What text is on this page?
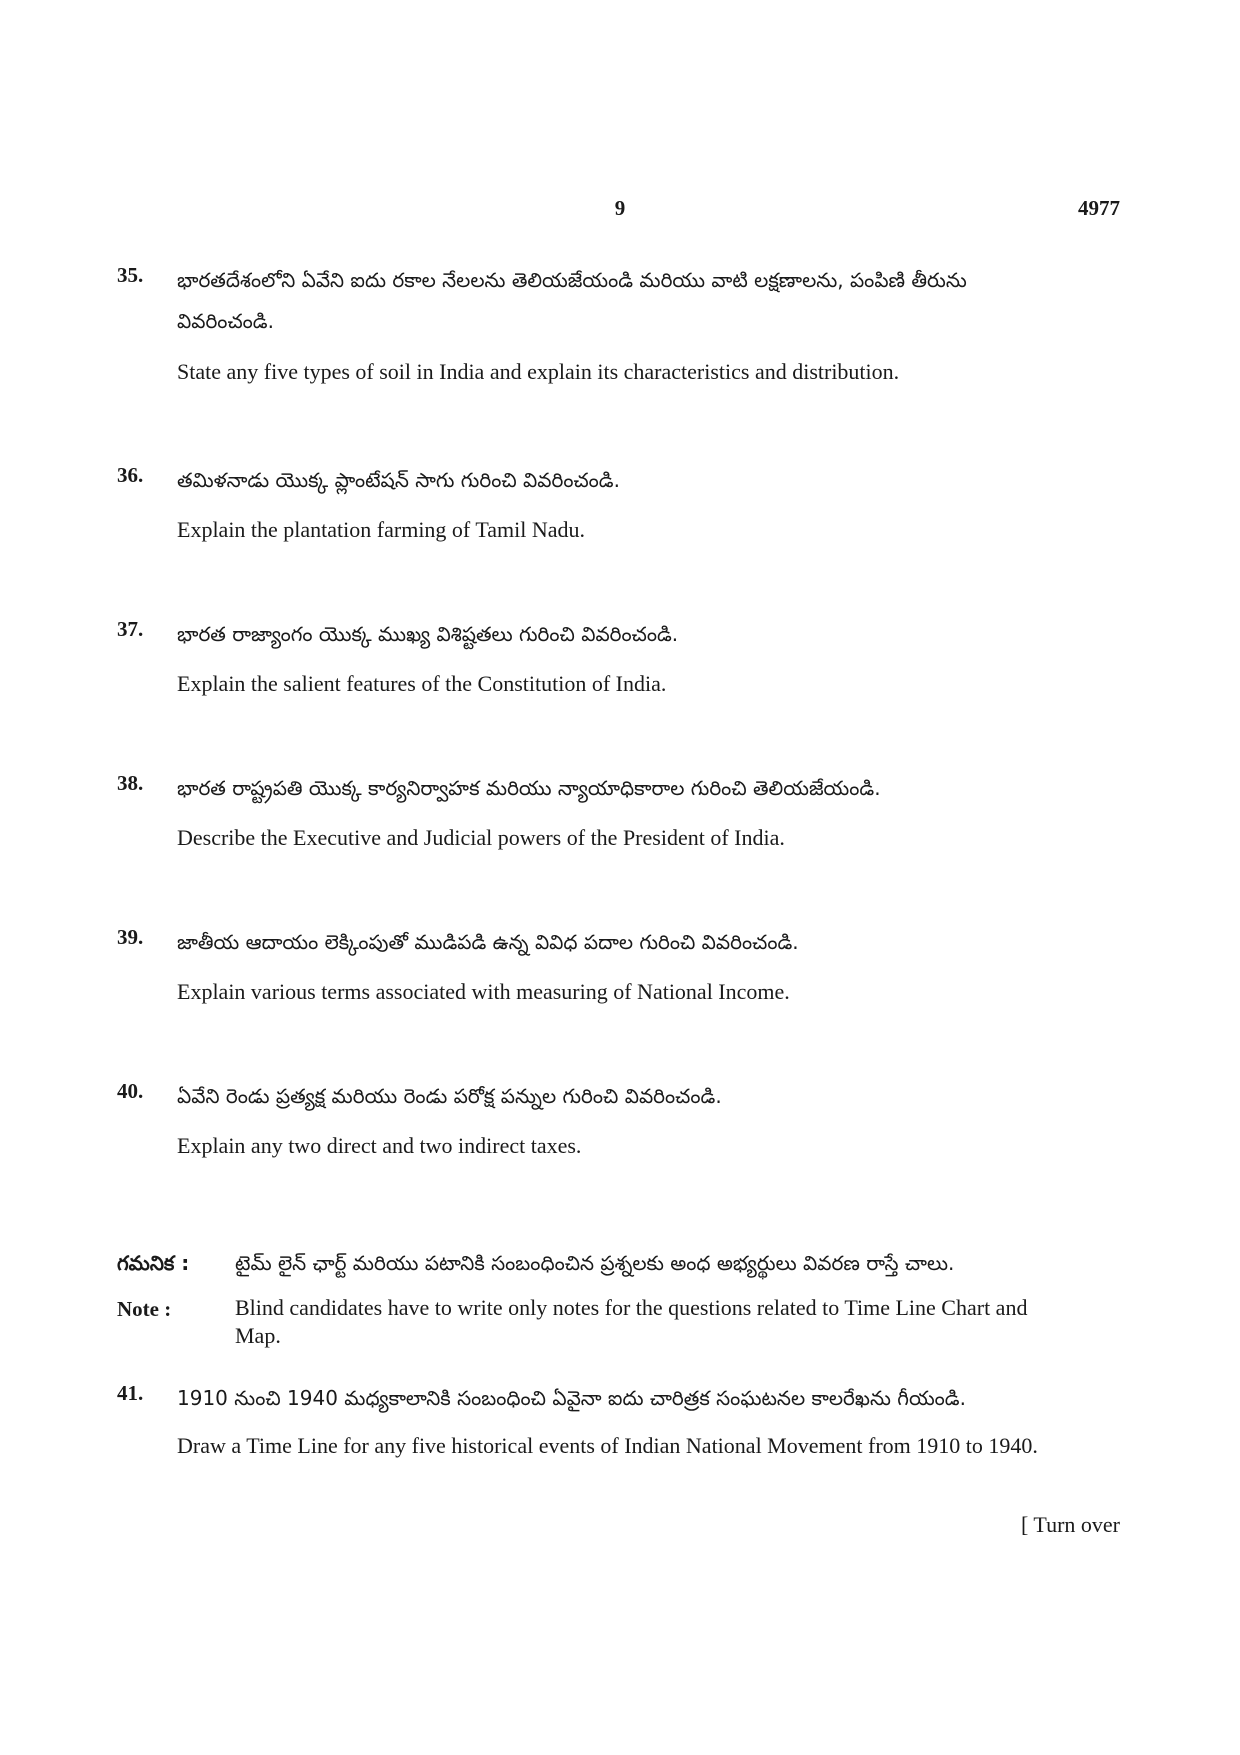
9	4977
35. భారతదేశంలోని ఏవేని ఐదు రకాల నేలలను తెలియజేయండి మరియు వాటి లక్షణాలను, పంపిణి తీరును వివరించండి.
State any five types of soil in India and explain its characteristics and distribution.
36. తమిళనాడు యొక్క ప్లాంటేషన్ సాగు గురించి వివరించండి.
Explain the plantation farming of Tamil Nadu.
37. భారత రాజ్యాంగం యొక్క ముఖ్య విశిష్టతలు గురించి వివరించండి.
Explain the salient features of the Constitution of India.
38. భారత రాష్ట్రపతి యొక్క కార్యనిర్వాహక మరియు న్యాయాధికారాల గురించి తెలియజేయండి.
Describe the Executive and Judicial powers of the President of India.
39. జాతీయ ఆదాయం లెక్కింపుతో ముడిపడి ఉన్న వివిధ పదాల గురించి వివరించండి.
Explain various terms associated with measuring of National Income.
40. ఏవేని రెండు ప్రత్యక్ష మరియు రెండు పరోక్ష పన్నుల గురించి వివరించండి.
Explain any two direct and two indirect taxes.
గమనిక : టైమ్ లైన్ ఛార్ట్ మరియు పటానికి సంబంధించిన ప్రశ్నలకు అంధ అభ్యర్థులు వివరణ రాస్తే చాలు.
Note :	Blind candidates have to write only notes for the questions related to Time Line Chart and Map.
41. 1910 నుంచి 1940 మధ్యకాలానికి సంబంధించి ఏవైనా ఐదు చారిత్రక సంఘటనల కాలరేఖను గీయండి.
Draw a Time Line for any five historical events of Indian National Movement from 1910 to 1940.
[ Turn over
